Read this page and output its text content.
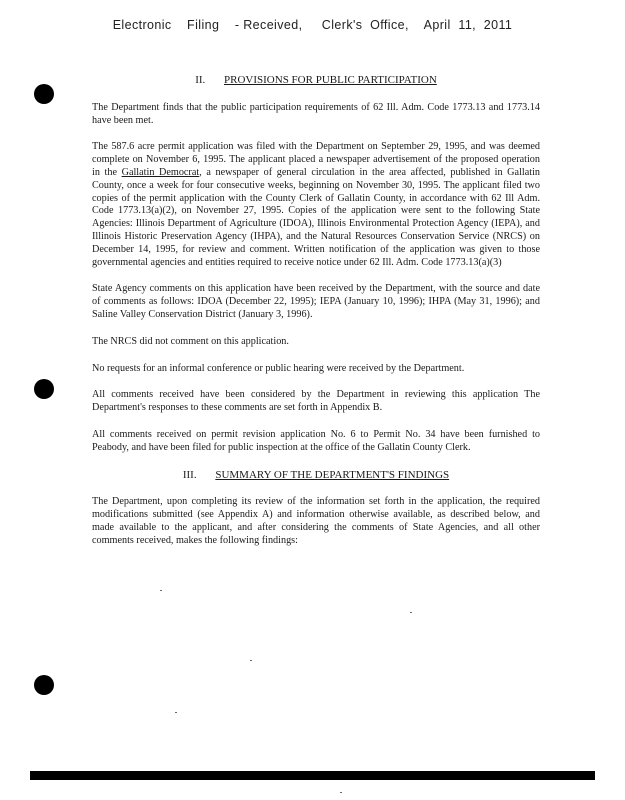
Electronic    Filing    - Received,     Clerk's  Office,    April  11,  2011
II. PROVISIONS FOR PUBLIC PARTICIPATION

The Department finds that the public participation requirements of 62 Ill. Adm. Code 1773.13 and 1773.14 have been met.

The 587.6 acre permit application was filed with the Department on September 29, 1995, and was deemed complete on November 6, 1995. The applicant placed a newspaper advertisement of the proposed operation in the Gallatin Democrat, a newspaper of general circulation in the area affected, published in Gallatin County, once a week for four consecutive weeks, beginning on November 30, 1995. The applicant filed two copies of the permit application with the County Clerk of Gallatin County, in accordance with 62 Ill Adm. Code 1773.13(a)(2), on November 27, 1995. Copies of the application were sent to the following State Agencies: Illinois Department of Agriculture (IDOA), Illinois Environmental Protection Agency (IEPA), and Illinois Historic Preservation Agency (IHPA), and the Natural Resources Conservation Service (NRCS) on December 14, 1995, for review and comment. Written notification of the application was given to those governmental agencies and entities required to receive notice under 62 Ill. Adm. Code 1773.13(a)(3)

State Agency comments on this application have been received by the Department, with the source and date of comments as follows: IDOA (December 22, 1995); IEPA (January 10, 1996); IHPA (May 31, 1996); and Saline Valley Conservation District (January 3, 1996).

The NRCS did not comment on this application.

No requests for an informal conference or public hearing were received by the Department.

All comments received have been considered by the Department in reviewing this application The Department's responses to these comments are set forth in Appendix B.

All comments received on permit revision application No. 6 to Permit No. 34 have been furnished to Peabody, and have been filed for public inspection at the office of the Gallatin County Clerk.

III. SUMMARY OF THE DEPARTMENT'S FINDINGS

The Department, upon completing its review of the information set forth in the application, the required modifications submitted (see Appendix A) and information otherwise available, as described below, and made available to the applicant, and after considering the comments of State Agencies, and all other comments received, makes the following findings:
